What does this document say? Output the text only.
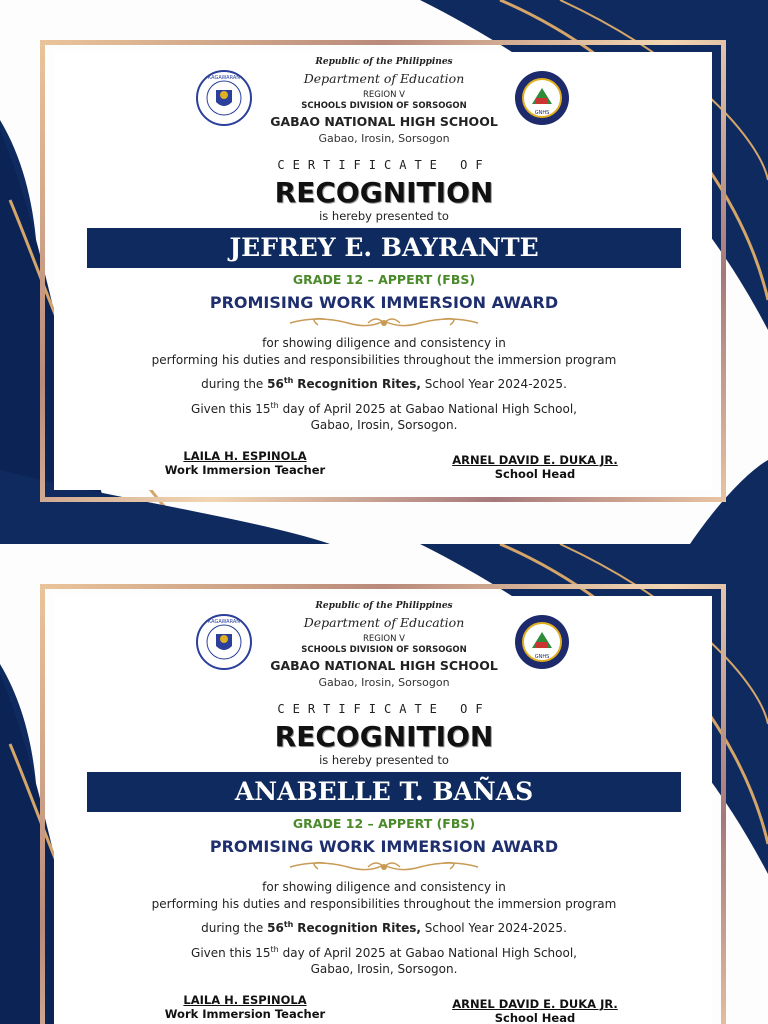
KAGAWARAN
GNHS
Republic of the Philippines
Department of Education
REGION V
SCHOOLS DIVISION OF SORSOGON
GABAO NATIONAL HIGH SCHOOL
Gabao, Irosin, Sorsogon
CERTIFICATE OF
RECOGNITION
is hereby presented to
JEFREY E. BAYRANTE
GRADE 12 – APPERT (FBS)
PROMISING WORK IMMERSION AWARD
for showing diligence and consistency in
performing his duties and responsibilities throughout the immersion program
during the 56th Recognition Rites, School Year 2024-2025.
Given this 15th day of April 2025 at Gabao National High School,
Gabao, Irosin, Sorsogon.
LAILA H. ESPINOLA
Work Immersion Teacher
ARNEL DAVID E. DUKA JR.
School Head
KAGAWARAN
GNHS
Republic of the Philippines
Department of Education
REGION V
SCHOOLS DIVISION OF SORSOGON
GABAO NATIONAL HIGH SCHOOL
Gabao, Irosin, Sorsogon
CERTIFICATE OF
RECOGNITION
is hereby presented to
ANABELLE T. BAÑAS
GRADE 12 – APPERT (FBS)
PROMISING WORK IMMERSION AWARD
for showing diligence and consistency in
performing his duties and responsibilities throughout the immersion program
during the 56th Recognition Rites, School Year 2024-2025.
Given this 15th day of April 2025 at Gabao National High School,
Gabao, Irosin, Sorsogon.
LAILA H. ESPINOLA
Work Immersion Teacher
ARNEL DAVID E. DUKA JR.
School Head
